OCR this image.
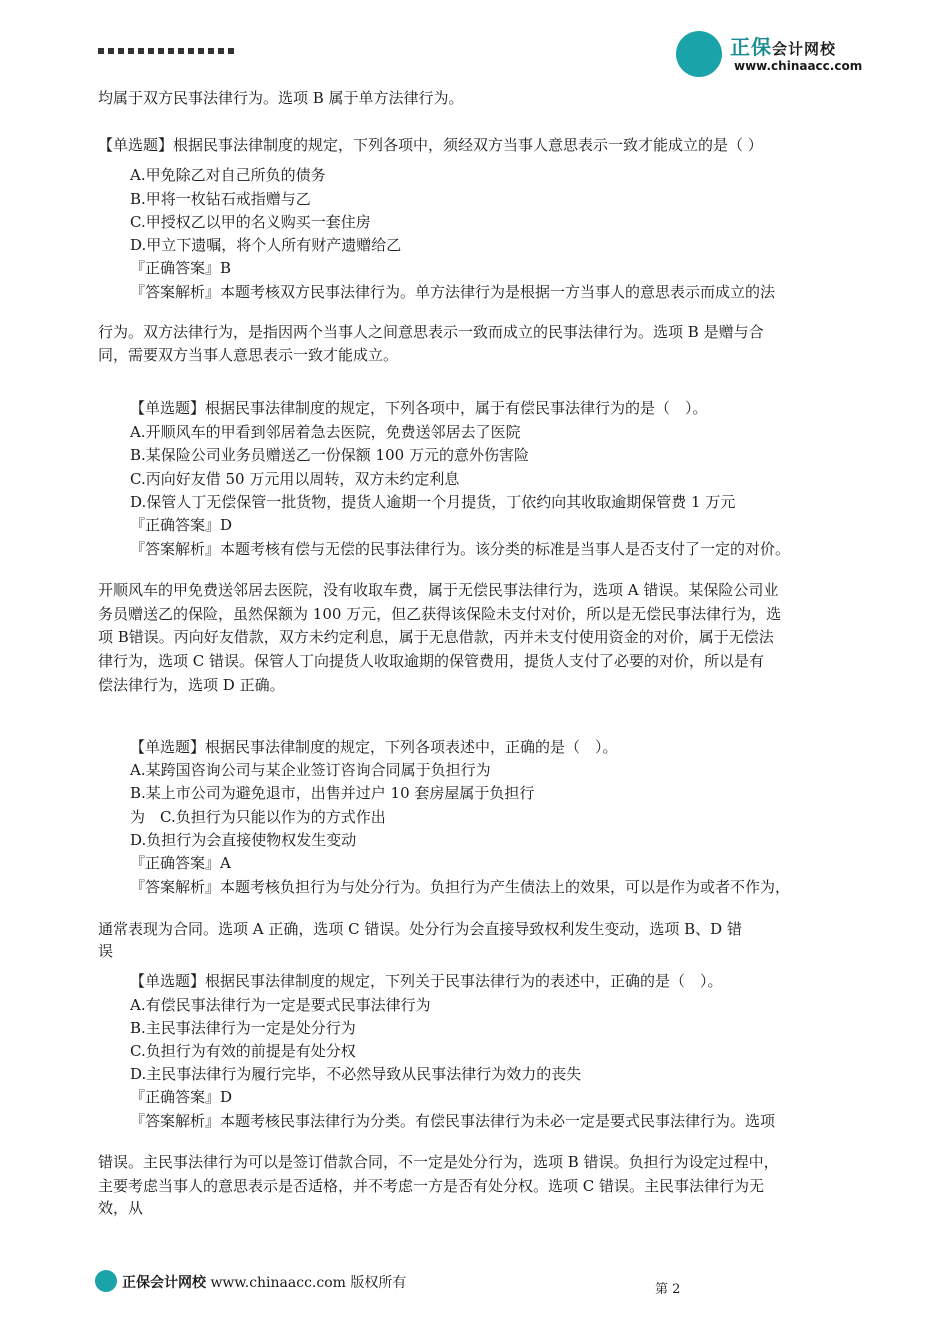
正保会计网校
www.chinaacc.com
均属于双方民事法律行为。选项 B 属于单方法律行为。
【单选题】根据民事法律制度的规定，下列各项中，须经双方当事人意思表示一致才能成立的是（ ）
A.甲免除乙对自己所负的债务
B.甲将一枚钻石戒指赠与乙
C.甲授权乙以甲的名义购买一套住房
D.甲立下遗嘱，将个人所有财产遗赠给乙
『正确答案』B
『答案解析』本题考核双方民事法律行为。单方法律行为是根据一方当事人的意思表示而成立的法
行为。双方法律行为，是指因两个当事人之间意思表示一致而成立的民事法律行为。选项 B 是赠与合
同，需要双方当事人意思表示一致才能成立。
【单选题】根据民事法律制度的规定，下列各项中，属于有偿民事法律行为的是（　）。
A.开顺风车的甲看到邻居着急去医院，免费送邻居去了医院
B.某保险公司业务员赠送乙一份保额 100 万元的意外伤害险
C.丙向好友借 50 万元用以周转，双方未约定利息
D.保管人丁无偿保管一批货物，提货人逾期一个月提货，丁依约向其收取逾期保管费 1 万元
『正确答案』D
『答案解析』本题考核有偿与无偿的民事法律行为。该分类的标准是当事人是否支付了一定的对价。
开顺风车的甲免费送邻居去医院，没有收取车费，属于无偿民事法律行为，选项 A 错误。某保险公司业
务员赠送乙的保险，虽然保额为 100 万元，但乙获得该保险未支付对价，所以是无偿民事法律行为，选
项 B错误。丙向好友借款，双方未约定利息，属于无息借款，丙并未支付使用资金的对价，属于无偿法
律行为，选项 C 错误。保管人丁向提货人收取逾期的保管费用，提货人支付了必要的对价，所以是有
偿法律行为，选项 D 正确。
【单选题】根据民事法律制度的规定，下列各项表述中，正确的是（　）。
A.某跨国咨询公司与某企业签订咨询合同属于负担行为
B.某上市公司为避免退市，出售并过户 10 套房屋属于负担行
为　C.负担行为只能以作为的方式作出
D.负担行为会直接使物权发生变动
『正确答案』A
『答案解析』本题考核负担行为与处分行为。负担行为产生债法上的效果，可以是作为或者不作为，
通常表现为合同。选项 A 正确，选项 C 错误。处分行为会直接导致权利发生变动，选项 B、D 错
误
【单选题】根据民事法律制度的规定，下列关于民事法律行为的表述中，正确的是（　）。
A.有偿民事法律行为一定是要式民事法律行为
B.主民事法律行为一定是处分行为
C.负担行为有效的前提是有处分权
D.主民事法律行为履行完毕，不必然导致从民事法律行为效力的丧失
『正确答案』D
『答案解析』本题考核民事法律行为分类。有偿民事法律行为未必一定是要式民事法律行为。选项
错误。主民事法律行为可以是签订借款合同，不一定是处分行为，选项 B 错误。负担行为设定过程中，
主要考虑当事人的意思表示是否适格，并不考虑一方是否有处分权。选项 C 错误。主民事法律行为无
效，从
正保会计网校 www.chinaacc.com 版权所有	第 2
